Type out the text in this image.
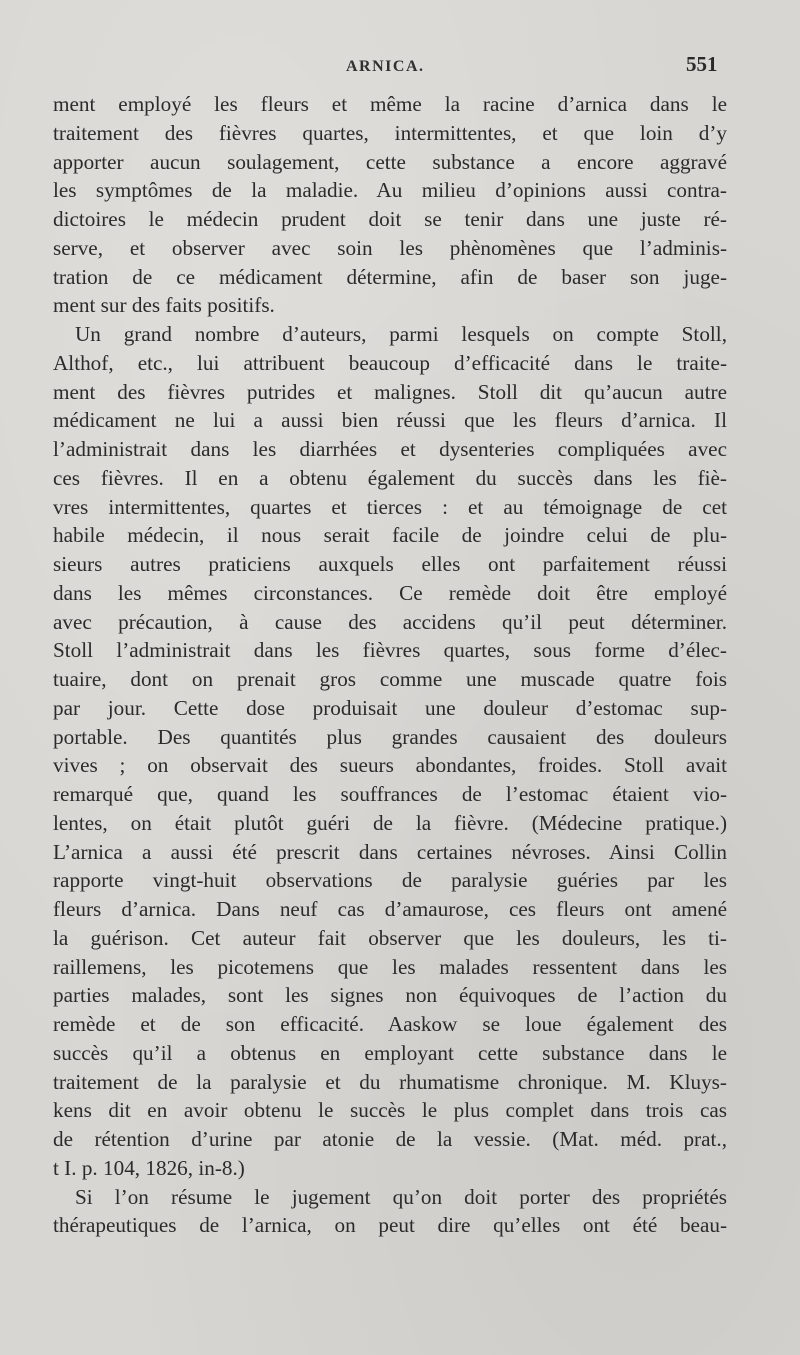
ARNICA.	551
ment employé les fleurs et même la racine d’arnica dans le
traitement des fièvres quartes, intermittentes, et que loin d’y
apporter aucun soulagement, cette substance a encore aggravé
les symptômes de la maladie. Au milieu d’opinions aussi contra-
dictoires le médecin prudent doit se tenir dans une juste ré-
serve, et observer avec soin les phènomènes que l’adminis-
tration de ce médicament détermine, afin de baser son juge-
ment sur des faits positifs.
Un grand nombre d’auteurs, parmi lesquels on compte Stoll,
Althof, etc., lui attribuent beaucoup d’efficacité dans le traite-
ment des fièvres putrides et malignes. Stoll dit qu’aucun autre
médicament ne lui a aussi bien réussi que les fleurs d’arnica. Il
l’administrait dans les diarrhées et dysenteries compliquées avec
ces fièvres. Il en a obtenu également du succès dans les fiè-
vres intermittentes, quartes et tierces : et au témoignage de cet
habile médecin, il nous serait facile de joindre celui de plu-
sieurs autres praticiens auxquels elles ont parfaitement réussi
dans les mêmes circonstances. Ce remède doit être employé
avec précaution, à cause des accidens qu’il peut déterminer.
Stoll l’administrait dans les fièvres quartes, sous forme d’élec-
tuaire, dont on prenait gros comme une muscade quatre fois
par jour. Cette dose produisait une douleur d’estomac sup-
portable. Des quantités plus grandes causaient des douleurs
vives ; on observait des sueurs abondantes, froides. Stoll avait
remarqué que, quand les souffrances de l’estomac étaient vio-
lentes, on était plutôt guéri de la fièvre. (Médecine pratique.)
L’arnica a aussi été prescrit dans certaines névroses. Ainsi Collin
rapporte vingt-huit observations de paralysie guéries par les
fleurs d’arnica. Dans neuf cas d’amaurose, ces fleurs ont amené
la guérison. Cet auteur fait observer que les douleurs, les ti-
raillemens, les picotemens que les malades ressentent dans les
parties malades, sont les signes non équivoques de l’action du
remède et de son efficacité. Aaskow se loue également des
succès qu’il a obtenus en employant cette substance dans le
traitement de la paralysie et du rhumatisme chronique. M. Kluys-
kens dit en avoir obtenu le succès le plus complet dans trois cas
de rétention d’urine par atonie de la vessie. (Mat. méd. prat.,
t I. p. 104, 1826, in-8.)
Si l’on résume le jugement qu’on doit porter des propriétés
thérapeutiques de l’arnica, on peut dire qu’elles ont été beau-
